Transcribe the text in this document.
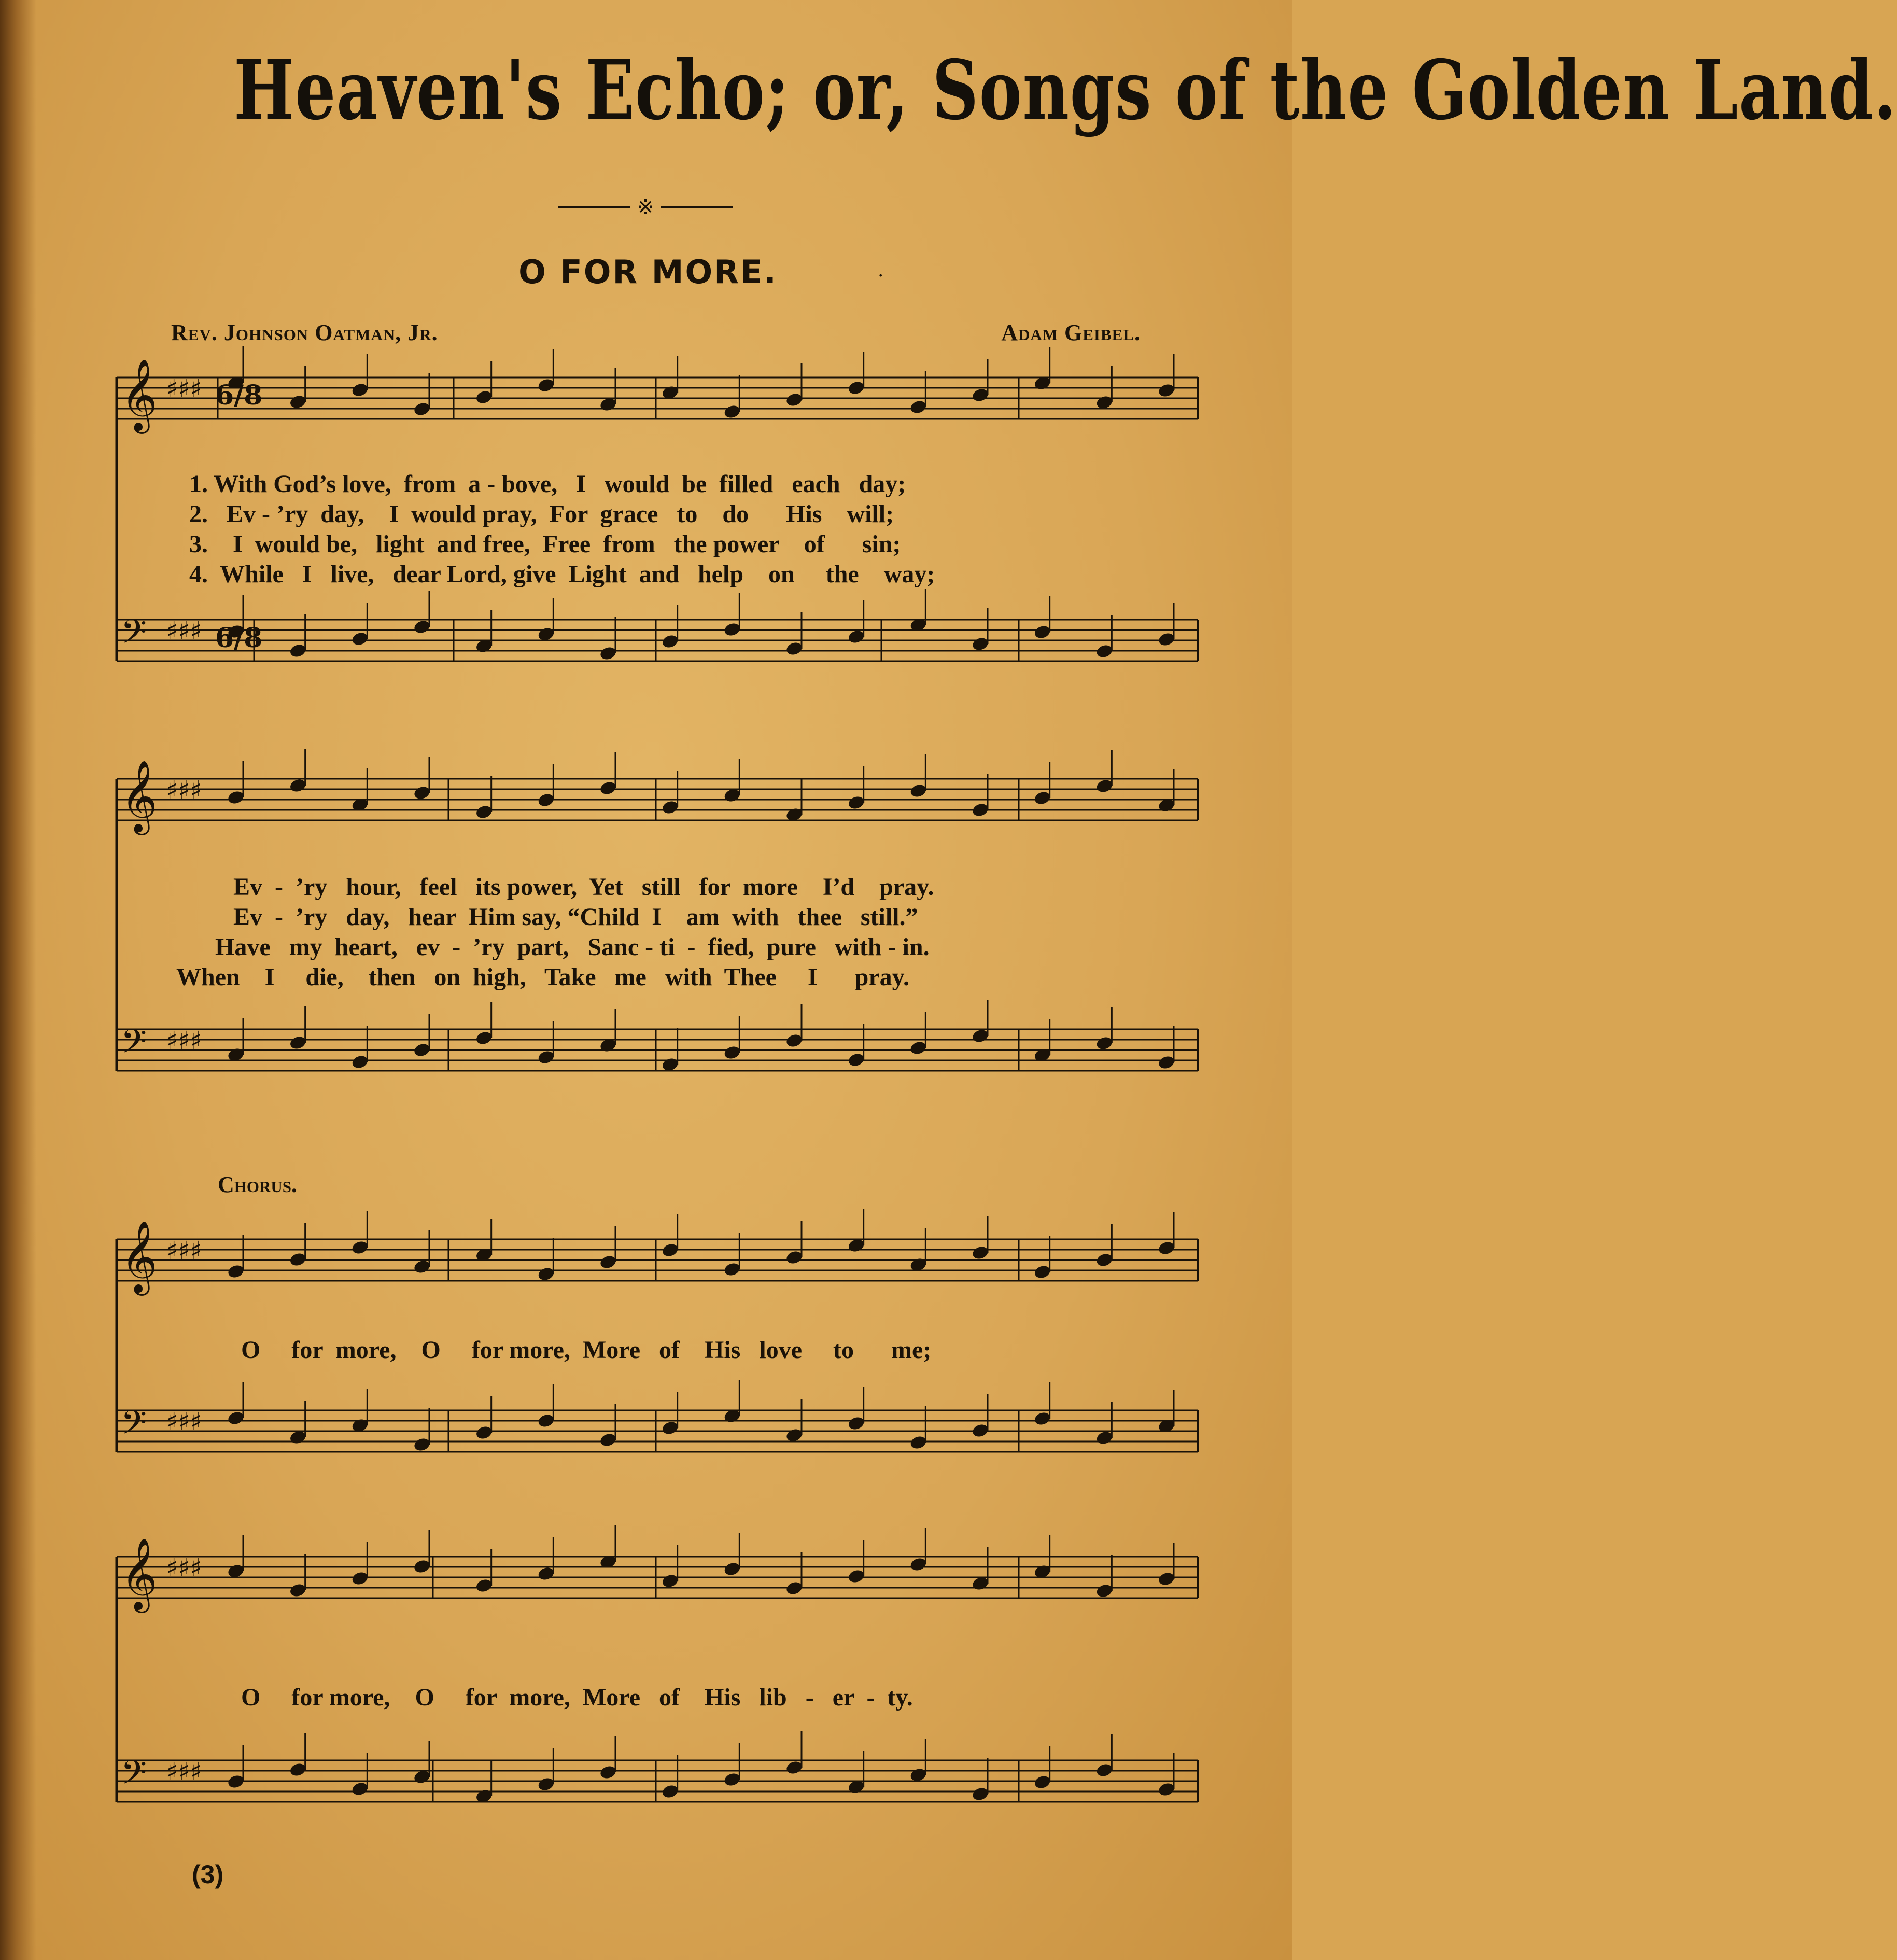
Heaven's Echo; or, Songs of the Golden Land.
※
O FOR MORE.	·
Rev. Johnson Oatman, Jr.	Adam Geibel.
𝄞 ♯♯♯
𝄢 ♯♯♯
𝄞 ♯♯♯
𝄢 ♯♯♯
𝄞 ♯♯♯
𝄢 ♯♯♯
𝄞 ♯♯♯
𝄢 ♯♯♯
6/8
6/8
1. With God’s love,  from  a - bove,   I   would  be  filled   each   day;
2.   Ev - ’ry  day,    I  would pray,  For  grace   to    do      His    will;
3.    I  would be,   light  and free,  Free  from   the power    of      sin;
4.  While   I   live,   dear Lord, give  Light  and   help    on     the    way;
Ev  -  ’ry   hour,   feel   its power,  Yet   still   for  more    I’d    pray.
Ev  -  ’ry   day,   hear  Him say, “Child  I    am  with   thee   still.”
Have   my  heart,   ev  -  ’ry  part,   Sanc - ti  -  fied,  pure   with - in.
When    I     die,    then   on  high,   Take   me   with  Thee     I      pray.
Chorus.
O     for  more,    O     for more,  More   of    His   love     to      me;
O     for more,    O     for  more,  More   of    His   lib   -   er  -  ty.
(3)
